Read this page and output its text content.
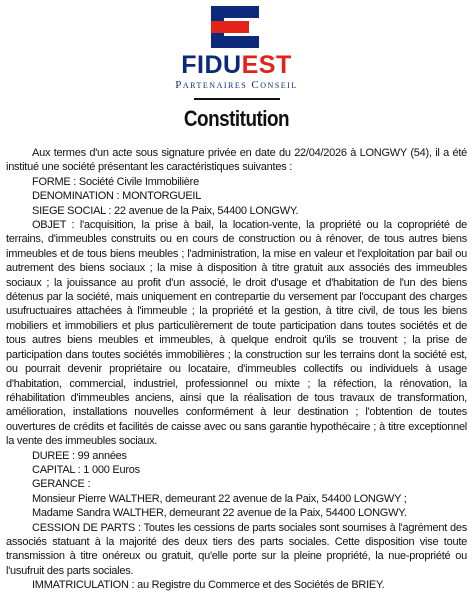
FIDUEST
Partenaires Conseil
Constitution

Aux termes d'un acte sous signature privée en date du 22/04/2026 à LONGWY (54), il a été institué une société présentant les caractéristiques suivantes :

FORME : Société Civile Immobilière

DENOMINATION : MONTORGUEIL

SIEGE SOCIAL : 22 avenue de la Paix, 54400 LONGWY.

OBJET : l'acquisition, la prise à bail, la location-vente, la propriété ou la copropriété de terrains, d'immeubles construits ou en cours de construction ou à rénover, de tous autres biens immeubles et de tous biens meubles ; l'administration, la mise en valeur et l'exploitation par bail ou autrement des biens sociaux ; la mise à disposition à titre gratuit aux associés des immeubles sociaux ; la jouissance au profit d'un associé, le droit d'usage et d'habitation de l'un des biens détenus par la société, mais uniquement en contrepartie du versement par l'occupant des charges usufructuaires attachées à l'immeuble ; la propriété et la gestion, à titre civil, de tous les biens mobiliers et immobiliers et plus particulièrement de toute participation dans toutes sociétés et de tous autres biens meubles et immeubles, à quelque endroit qu'ils se trouvent ; la prise de participation dans toutes sociétés immobilières ; la construction sur les terrains dont la société est, ou pourrait devenir propriétaire ou locataire, d'immeubles collectifs ou individuels à usage d'habitation, commercial, industriel, professionnel ou mixte ; la réfection, la rénovation, la réhabilitation d'immeubles anciens, ainsi que la réalisation de tous travaux de transformation, amélioration, installations nouvelles conformément à leur destination ; l'obtention de toutes ouvertures de crédits et facilités de caisse avec ou sans garantie hypothécaire ; à titre exceptionnel la vente des immeubles sociaux.

DUREE : 99 années

CAPITAL : 1 000 Euros

GERANCE :

Monsieur Pierre WALTHER, demeurant 22 avenue de la Paix, 54400 LONGWY ;

Madame Sandra WALTHER, demeurant 22 avenue de la Paix, 54400 LONGWY.

CESSION DE PARTS : Toutes les cessions de parts sociales sont soumises à l'agrément des associés statuant à la majorité des deux tiers des parts sociales. Cette disposition vise toute transmission à titre onéreux ou gratuit, qu'elle porte sur la pleine propriété, la nue-propriété ou l'usufruit des parts sociales.

IMMATRICULATION : au Registre du Commerce et des Sociétés de BRIEY.
